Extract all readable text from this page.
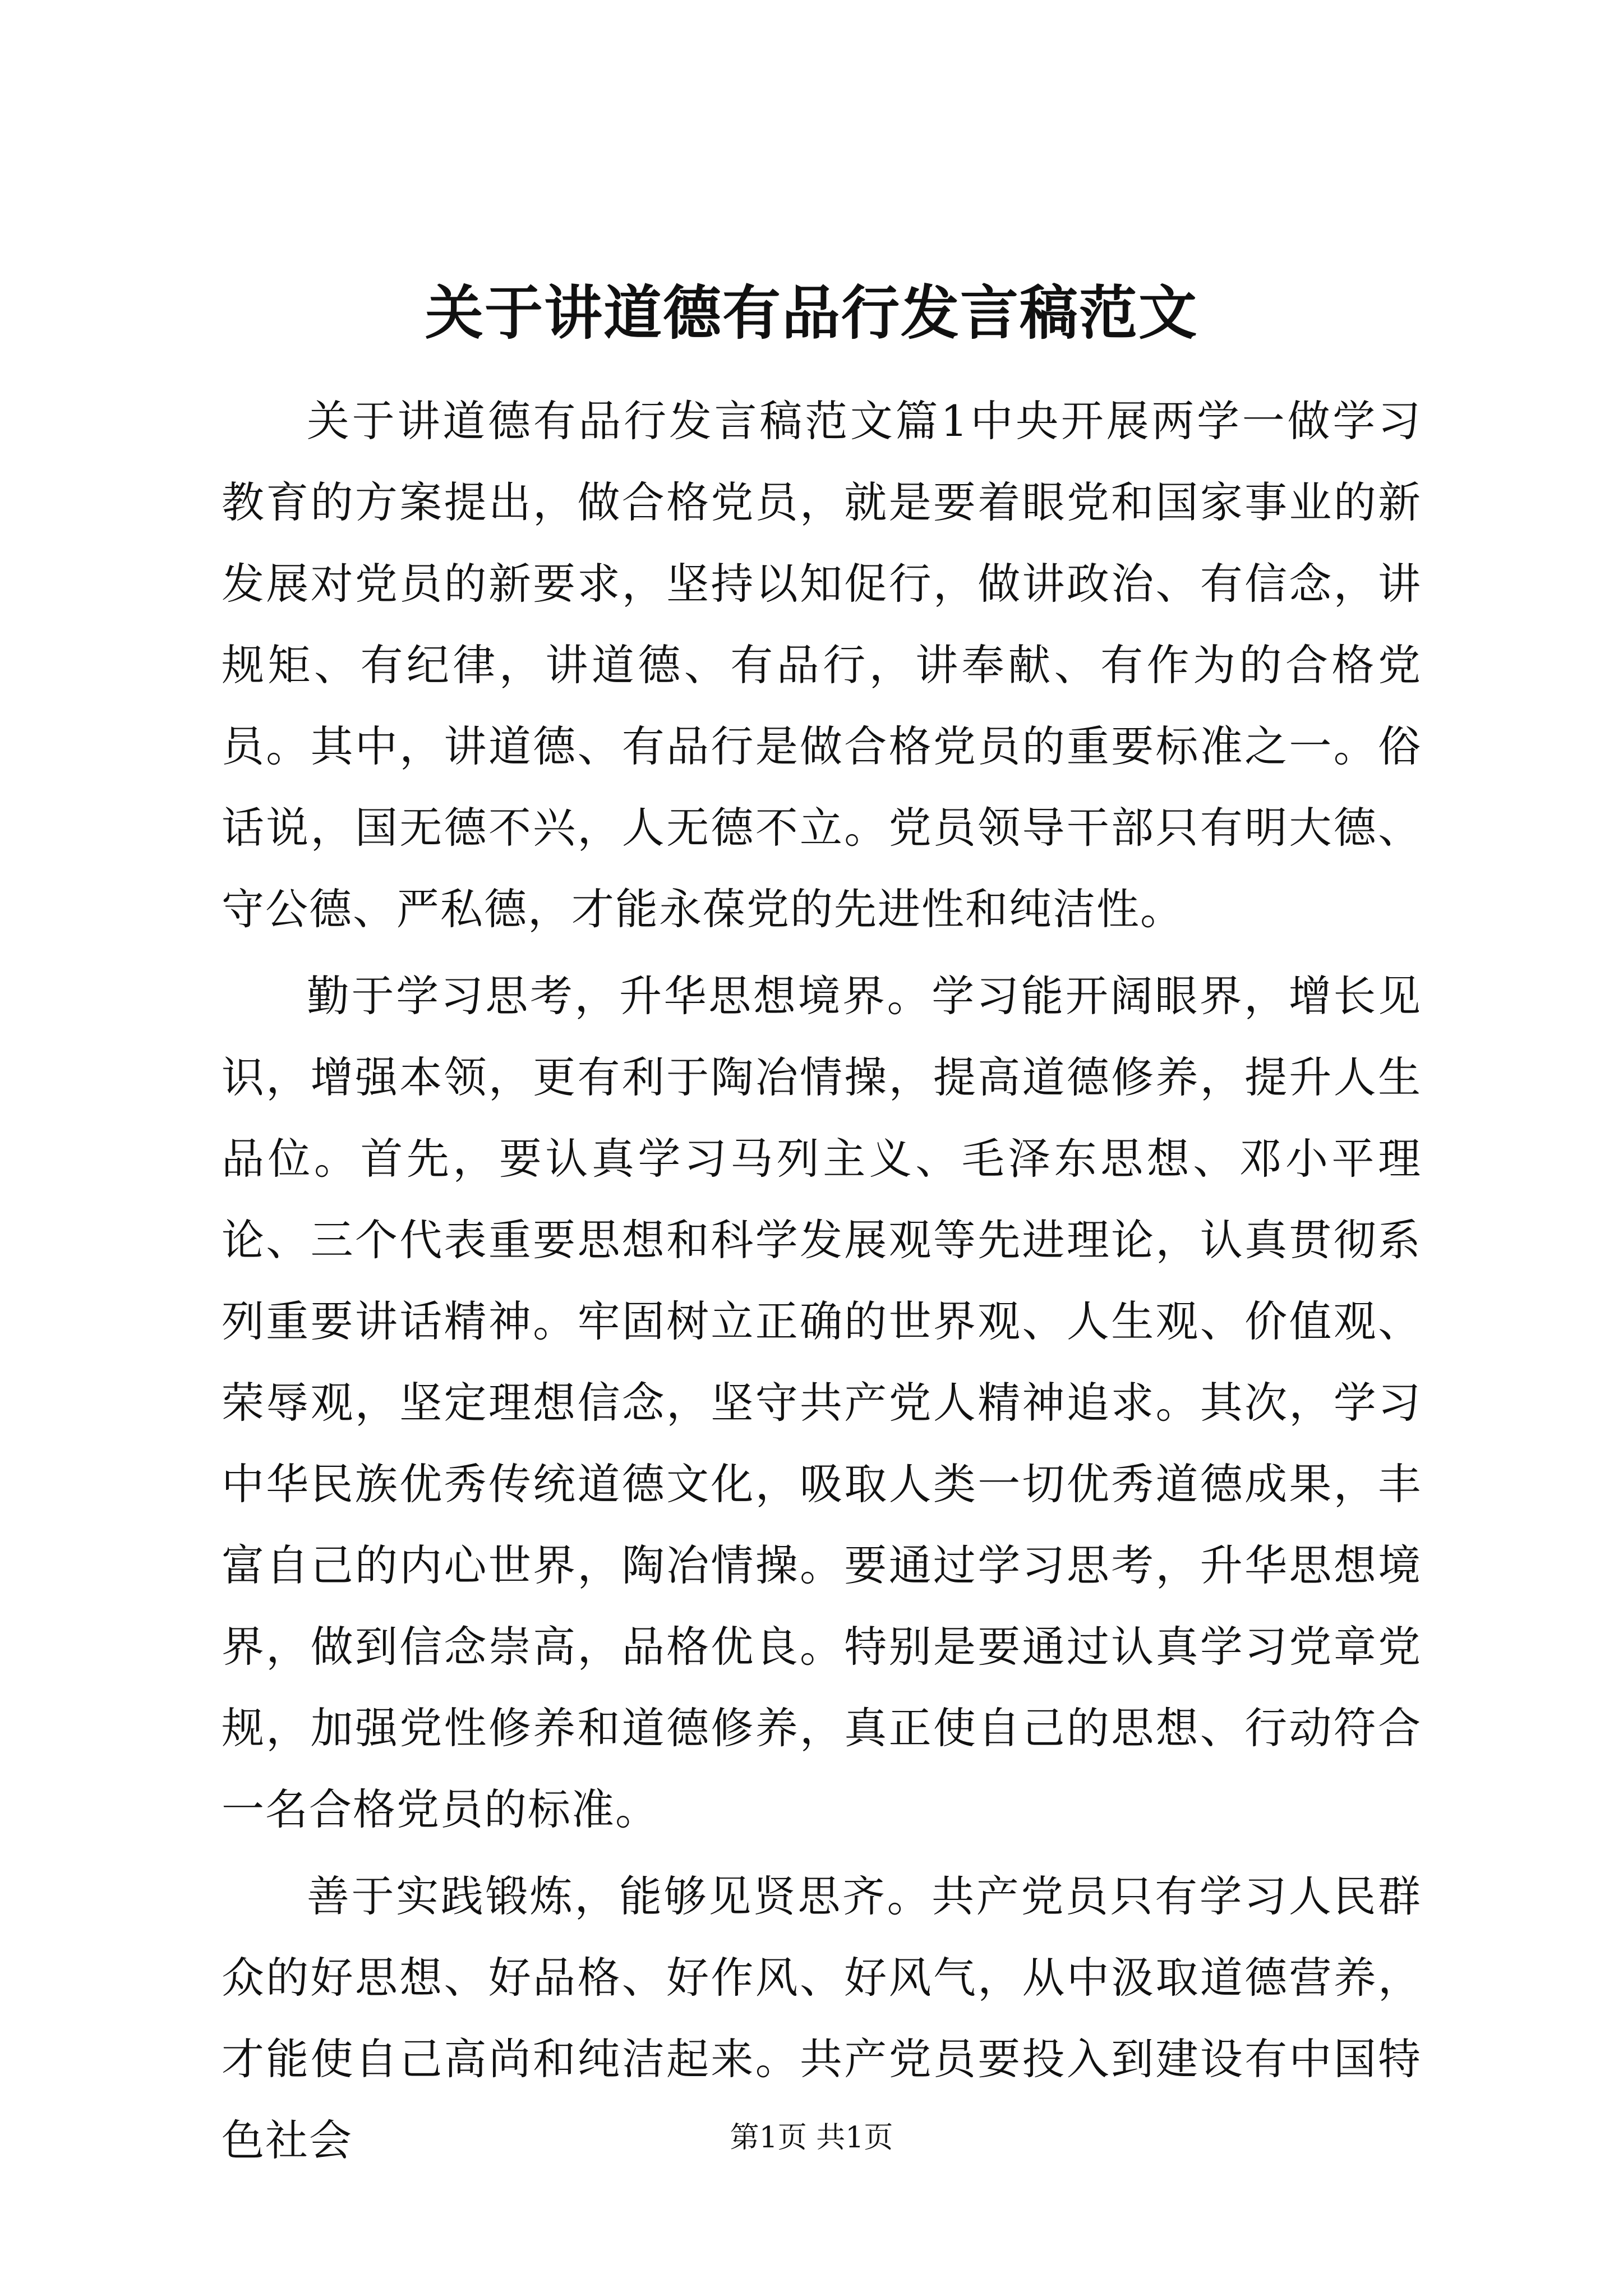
关于讲道德有品行发言稿范文

关于讲道德有品行发言稿范文篇1中央开展两学一做学习教育的方案提出，做合格党员，就是要着眼党和国家事业的新发展对党员的新要求，坚持以知促行，做讲政治、有信念，讲规矩、有纪律，讲道德、有品行，讲奉献、有作为的合格党员。其中，讲道德、有品行是做合格党员的重要标准之一。俗话说，国无德不兴，人无德不立。党员领导干部只有明大德、守公德、严私德，才能永葆党的先进性和纯洁性。

勤于学习思考，升华思想境界。学习能开阔眼界，增长见识，增强本领，更有利于陶冶情操，提高道德修养，提升人生品位。首先，要认真学习马列主义、毛泽东思想、邓小平理论、三个代表重要思想和科学发展观等先进理论，认真贯彻系列重要讲话精神。牢固树立正确的世界观、人生观、价值观、荣辱观，坚定理想信念，坚守共产党人精神追求。其次，学习中华民族优秀传统道德文化，吸取人类一切优秀道德成果，丰富自己的内心世界，陶冶情操。要通过学习思考，升华思想境界，做到信念崇高，品格优良。特别是要通过认真学习党章党规，加强党性修养和道德修养，真正使自己的思想、行动符合一名合格党员的标准。

善于实践锻炼，能够见贤思齐。共产党员只有学习人民群众的好思想、好品格、好作风、好风气，从中汲取道德营养，才能使自己高尚和纯洁起来。共产党员要投入到建设有中国特色社会	第1页 共1页
